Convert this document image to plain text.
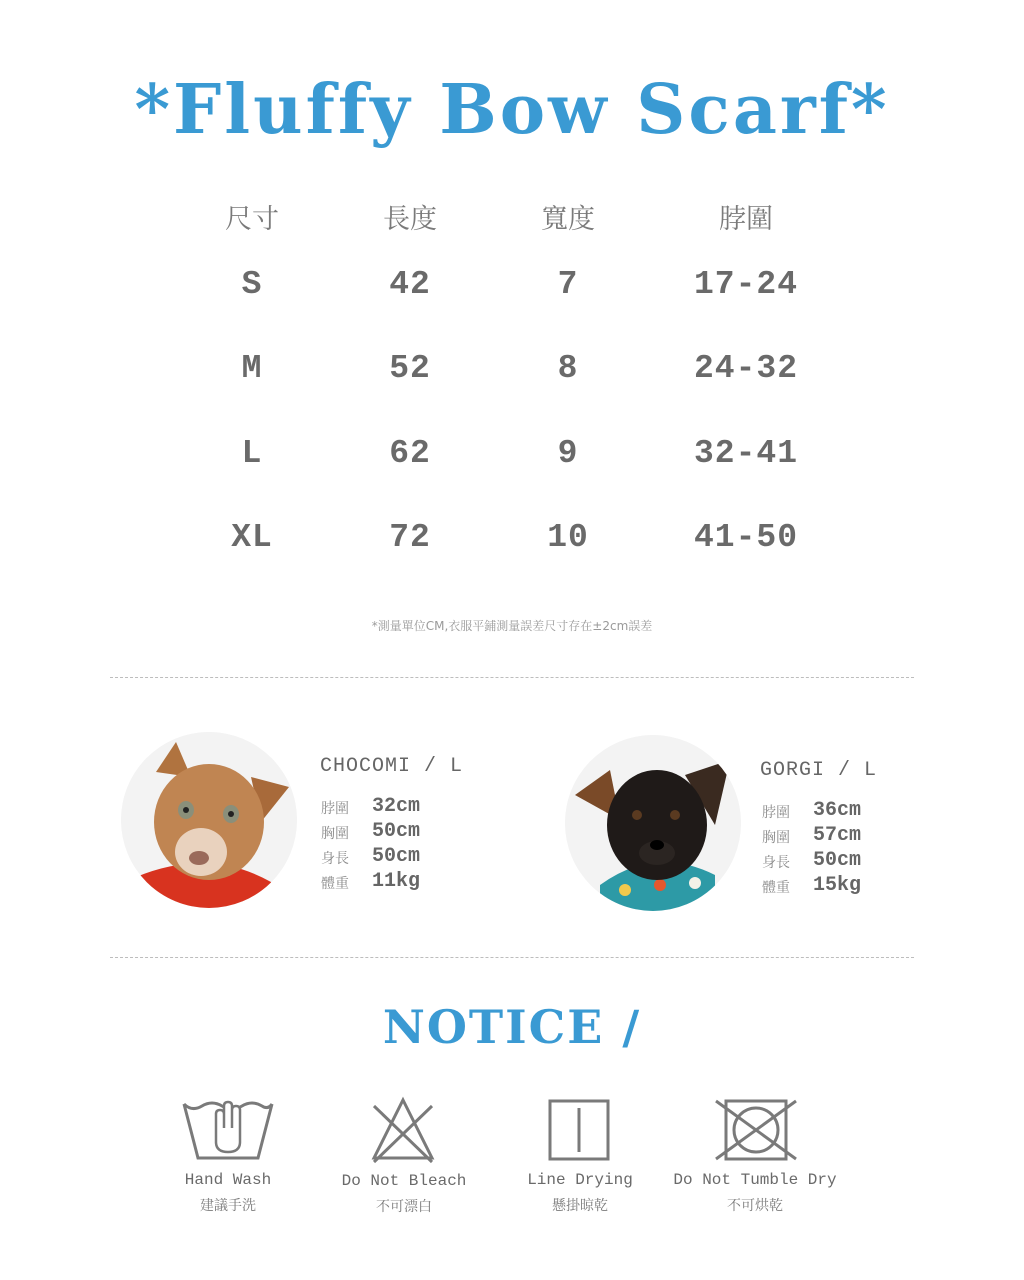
*Fluffy Bow Scarf*
尺寸	長度	寬度	脖圍
S	42	7	17-24
M	52	8	24-32
L	62	9	32-41
XL	72	10	41-50
*測量單位CM,衣服平鋪測量誤差尺寸存在±2cm誤差
CHOCOMI / L
脖圍 32cm
胸圍 50cm
身長 50cm
體重 11kg
GORGI / L
脖圍 36cm
胸圍 57cm
身長 50cm
體重 15kg
NOTICE /
Hand Wash
建議手洗
Do Not Bleach
不可漂白
Line Drying
懸掛晾乾
Do Not Tumble Dry
不可烘乾
